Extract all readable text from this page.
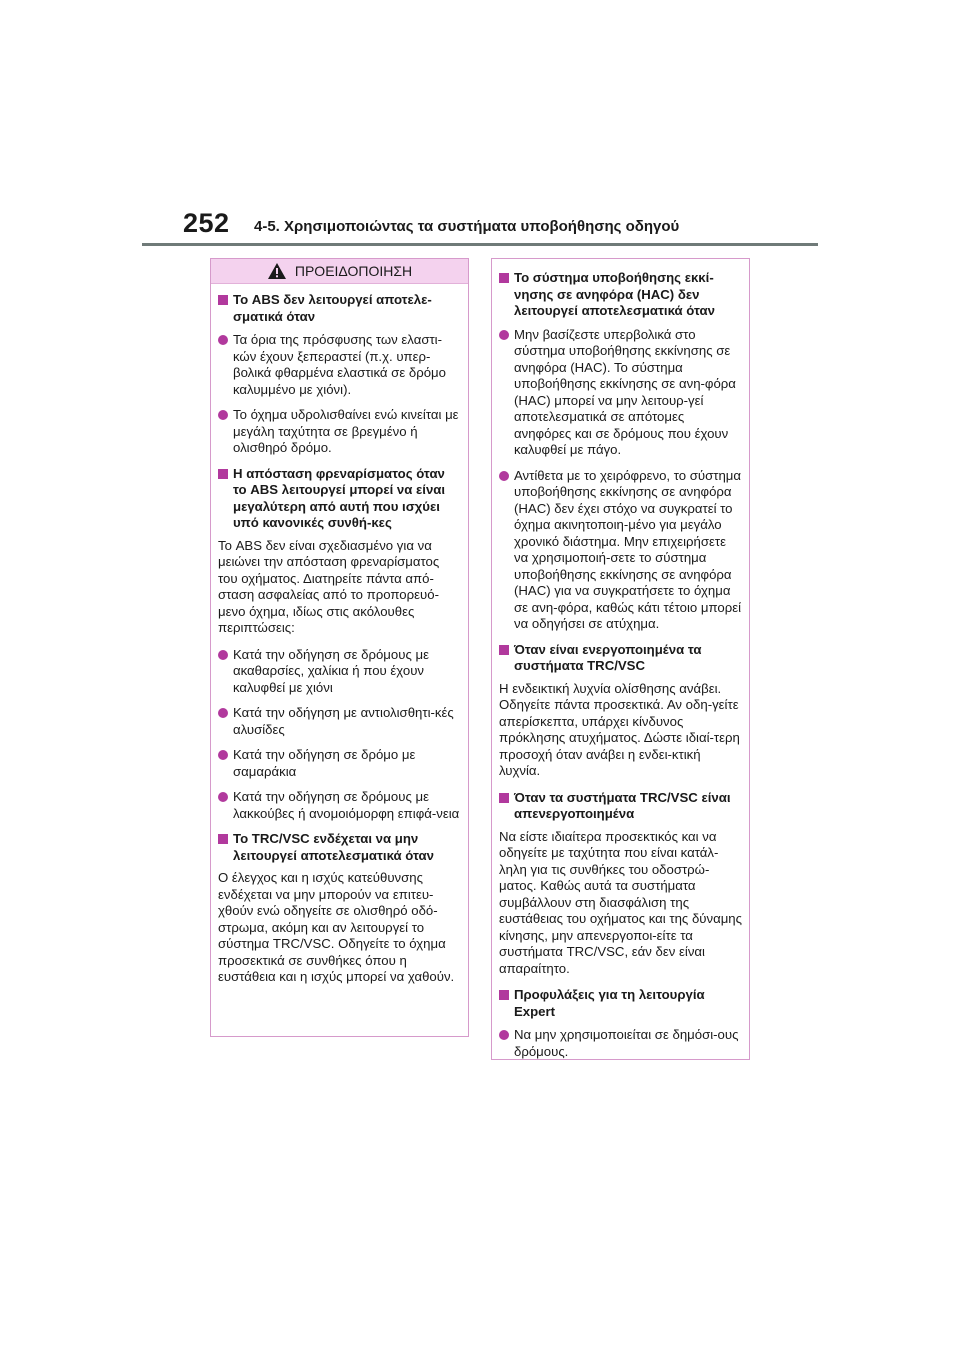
252 4-5. Χρησιμοποιώντας τα συστήματα υποβοήθησης οδηγού
ΠΡΟΕΙΔΟΠΟΙΗΣΗ
Το ABS δεν λειτουργεί αποτελε-σματικά όταν
Τα όρια της πρόσφυσης των ελαστι-κών έχουν ξεπεραστεί (π.χ. υπερ-βολικά φθαρμένα ελαστικά σε δρόμο καλυμμένο με χιόνι).
Το όχημα υδρολισθαίνει ενώ κινείται με μεγάλη ταχύτητα σε βρεγμένο ή ολισθηρό δρόμο.
Η απόσταση φρεναρίσματος όταν το ABS λειτουργεί μπορεί να είναι μεγαλύτερη από αυτή που ισχύει υπό κανονικές συνθή-κες
Το ABS δεν είναι σχεδιασμένο για να μειώνει την απόσταση φρεναρίσματος του οχήματος. Διατηρείτε πάντα από-σταση ασφαλείας από το προπορευό-μενο όχημα, ιδίως στις ακόλουθες περιπτώσεις:
Κατά την οδήγηση σε δρόμους με ακαθαρσίες, χαλίκια ή που έχουν καλυφθεί με χιόνι
Κατά την οδήγηση με αντιολισθητι-κές αλυσίδες
Κατά την οδήγηση σε δρόμο με σαμαράκια
Κατά την οδήγηση σε δρόμους με λακκούβες ή ανομοιόμορφη επιφά-νεια
Το TRC/VSC ενδέχεται να μην λειτουργεί αποτελεσματικά όταν
Ο έλεγχος και η ισχύς κατεύθυνσης ενδέχεται να μην μπορούν να επιτευ-χθούν ενώ οδηγείτε σε ολισθηρό οδό-στρωμα, ακόμη και αν λειτουργεί το σύστημα TRC/VSC. Οδηγείτε το όχημα προσεκτικά σε συνθήκες όπου η ευστάθεια και η ισχύς μπορεί να χαθούν.
Το σύστημα υποβοήθησης εκκί-νησης σε ανηφόρα (HAC) δεν λειτουργεί αποτελεσματικά όταν
Μην βασίζεστε υπερβολικά στο σύστημα υποβοήθησης εκκίνησης σε ανηφόρα (HAC). Το σύστημα υποβοήθησης εκκίνησης σε ανη-φόρα (HAC) μπορεί να μην λειτουρ-γεί αποτελεσματικά σε απότομες ανηφόρες και σε δρόμους που έχουν καλυφθεί με πάγο.
Αντίθετα με το χειρόφρενο, το σύστημα υποβοήθησης εκκίνησης σε ανηφόρα (HAC) δεν έχει στόχο να συγκρατεί το όχημα ακινητοποιη-μένο για μεγάλο χρονικό διάστημα. Μην επιχειρήσετε να χρησιμοποιή-σετε το σύστημα υποβοήθησης εκκίνησης σε ανηφόρα (HAC) για να συγκρατήσετε το όχημα σε ανη-φόρα, καθώς κάτι τέτοιο μπορεί να οδηγήσει σε ατύχημα.
Όταν είναι ενεργοποιημένα τα συστήματα TRC/VSC
Η ενδεικτική λυχνία ολίσθησης ανάβει. Οδηγείτε πάντα προσεκτικά. Αν οδη-γείτε απερίσκεπτα, υπάρχει κίνδυνος πρόκλησης ατυχήματος. Δώστε ιδιαί-τερη προσοχή όταν ανάβει η ενδει-κτική λυχνία.
Όταν τα συστήματα TRC/VSC είναι απενεργοποιημένα
Να είστε ιδιαίτερα προσεκτικός και να οδηγείτε με ταχύτητα που είναι κατάλ-ληλη για τις συνθήκες του οδοστρώ-ματος. Καθώς αυτά τα συστήματα συμβάλλουν στη διασφάλιση της ευστάθειας του οχήματος και της δύναμης κίνησης, μην απενεργοποι-είτε τα συστήματα TRC/VSC, εάν δεν είναι απαραίτητο.
Προφυλάξεις για τη λειτουργία Expert
Να μην χρησιμοποιείται σε δημόσι-ους δρόμους.
